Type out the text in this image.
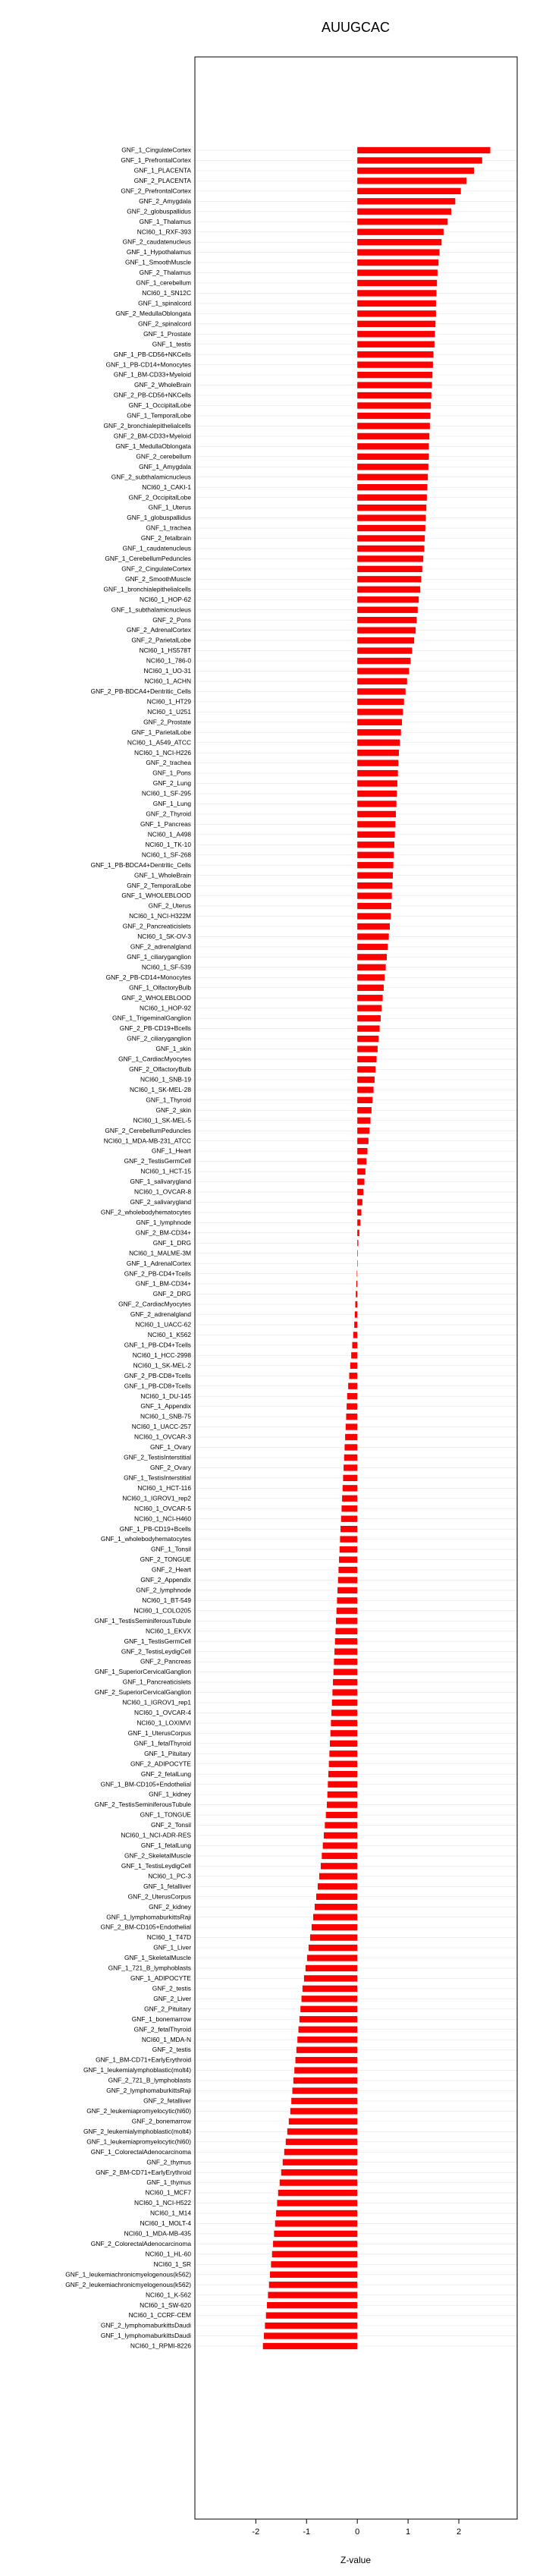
AUUGCAC
GNF_1_CingulateCortex
GNF_1_PrefrontalCortex
GNF_1_PLACENTA
GNF_2_PLACENTA
GNF_2_PrefrontalCortex
GNF_2_Amygdala
GNF_2_globuspallidus
GNF_1_Thalamus
NCI60_1_RXF-393
GNF_2_caudatenucleus
GNF_1_Hypothalamus
GNF_1_SmoothMuscle
GNF_2_Thalamus
GNF_1_cerebellum
NCI60_1_SN12C
GNF_1_spinalcord
GNF_2_MedullaOblongata
GNF_2_spinalcord
GNF_1_Prostate
GNF_1_testis
GNF_1_PB-CD56+NKCells
GNF_1_PB-CD14+Monocytes
GNF_1_BM-CD33+Myeloid
GNF_2_WholeBrain
GNF_2_PB-CD56+NKCells
GNF_1_OccipitalLobe
GNF_1_TemporalLobe
GNF_2_bronchialepithelialcells
GNF_2_BM-CD33+Myeloid
GNF_1_MedullaOblongata
GNF_2_cerebellum
GNF_1_Amygdala
GNF_2_subthalamicnucleus
NCI60_1_CAKI-1
GNF_2_OccipitalLobe
GNF_1_Uterus
GNF_1_globuspallidus
GNF_1_trachea
GNF_2_fetalbrain
GNF_1_caudatenucleus
GNF_1_CerebellumPeduncles
GNF_2_CingulateCortex
GNF_2_SmoothMuscle
GNF_1_bronchialepithelialcells
NCI60_1_HOP-62
GNF_1_subthalamicnucleus
GNF_2_Pons
GNF_2_AdrenalCortex
GNF_2_ParietalLobe
NCI60_1_HS578T
NCI60_1_786-0
NCI60_1_UO-31
NCI60_1_ACHN
GNF_2_PB-BDCA4+Dentritic_Cells
NCI60_1_HT29
NCI60_1_U251
GNF_2_Prostate
GNF_1_ParietalLobe
NCI60_1_A549_ATCC
NCI60_1_NCI-H226
GNF_2_trachea
GNF_1_Pons
GNF_2_Lung
NCI60_1_SF-295
GNF_1_Lung
GNF_2_Thyroid
GNF_1_Pancreas
NCI60_1_A498
NCI60_1_TK-10
NCI60_1_SF-268
GNF_1_PB-BDCA4+Dentritic_Cells
GNF_1_WholeBrain
GNF_2_TemporalLobe
GNF_1_WHOLEBLOOD
GNF_2_Uterus
NCI60_1_NCI-H322M
GNF_2_Pancreaticislets
NCI60_1_SK-OV-3
GNF_2_adrenalgland
GNF_1_ciliaryganglion
NCI60_1_SF-539
GNF_2_PB-CD14+Monocytes
GNF_1_OlfactoryBulb
GNF_2_WHOLEBLOOD
NCI60_1_HOP-92
GNF_1_TrigeminalGanglion
GNF_2_PB-CD19+Bcells
GNF_2_ciliaryganglion
GNF_1_skin
GNF_1_CardiacMyocytes
GNF_2_OlfactoryBulb
NCI60_1_SNB-19
NCI60_1_SK-MEL-28
GNF_1_Thyroid
GNF_2_skin
NCI60_1_SK-MEL-5
GNF_2_CerebellumPeduncles
NCI60_1_MDA-MB-231_ATCC
GNF_1_Heart
GNF_2_TestisGermCell
NCI60_1_HCT-15
GNF_1_salivarygland
NCI60_1_OVCAR-8
GNF_2_salivarygland
GNF_2_wholebodyhematocytes
GNF_1_lymphnode
GNF_2_BM-CD34+
GNF_1_DRG
NCI60_1_MALME-3M
GNF_1_AdrenalCortex
GNF_2_PB-CD4+Tcells
GNF_1_BM-CD34+
GNF_2_DRG
GNF_2_CardiacMyocytes
GNF_2_adrenalgland
NCI60_1_UACC-62
NCI60_1_K562
GNF_1_PB-CD4+Tcells
NCI60_1_HCC-2998
NCI60_1_SK-MEL-2
GNF_2_PB-CD8+Tcells
GNF_1_PB-CD8+Tcells
NCI60_1_DU-145
GNF_1_Appendix
NCI60_1_SNB-75
NCI60_1_UACC-257
NCI60_1_OVCAR-3
GNF_1_Ovary
GNF_2_TestisInterstitial
GNF_2_Ovary
GNF_1_TestisInterstitial
NCI60_1_HCT-116
NCI60_1_IGROV1_rep2
NCI60_1_OVCAR-5
NCI60_1_NCI-H460
GNF_1_PB-CD19+Bcells
GNF_1_wholebodyhematocytes
GNF_1_Tonsil
GNF_2_TONGUE
GNF_2_Heart
GNF_2_Appendix
GNF_2_lymphnode
NCI60_1_BT-549
NCI60_1_COLO205
GNF_1_TestisSeminiferousTubule
NCI60_1_EKVX
GNF_1_TestisGermCell
GNF_2_TestisLeydigCell
GNF_2_Pancreas
GNF_1_SuperiorCervicalGanglion
GNF_1_Pancreaticislets
GNF_2_SuperiorCervicalGanglion
NCI60_1_IGROV1_rep1
NCI60_1_OVCAR-4
NCI60_1_LOXIMVI
GNF_1_UterusCorpus
GNF_1_fetalThyroid
GNF_1_Pituitary
GNF_2_ADIPOCYTE
GNF_2_fetalLung
GNF_1_BM-CD105+Endothelial
GNF_1_kidney
GNF_2_TestisSeminiferousTubule
GNF_1_TONGUE
GNF_2_Tonsil
NCI60_1_NCI-ADR-RES
GNF_1_fetalLung
GNF_2_SkeletalMuscle
GNF_1_TestisLeydigCell
NCI60_1_PC-3
GNF_1_fetalliver
GNF_2_UterusCorpus
GNF_2_kidney
GNF_1_lymphomaburkittsRaji
GNF_2_BM-CD105+Endothelial
NCI60_1_T47D
GNF_1_Liver
GNF_1_SkeletalMuscle
GNF_1_721_B_lymphoblasts
GNF_1_ADIPOCYTE
GNF_2_testis
GNF_2_Liver
GNF_2_Pituitary
GNF_1_bonemarrow
GNF_2_fetalThyroid
NCI60_1_MDA-N
GNF_2_testis
GNF_1_BM-CD71+EarlyErythroid
GNF_1_leukemialymphoblastic(molt4)
GNF_2_721_B_lymphoblasts
GNF_2_lymphomaburkittsRaji
GNF_2_fetalliver
GNF_2_leukemiapromyelocytic(hl60)
GNF_2_bonemarrow
GNF_2_leukemialymphoblastic(molt4)
GNF_1_leukemiapromyelocytic(hl60)
GNF_1_ColorectalAdenocarcinoma
GNF_2_thymus
GNF_2_BM-CD71+EarlyErythroid
GNF_1_thymus
NCI60_1_MCF7
NCI60_1_NCI-H522
NCI60_1_M14
NCI60_1_MOLT-4
NCI60_1_MDA-MB-435
GNF_2_ColorectalAdenocarcinoma
NCI60_1_HL-60
NCI60_1_SR
GNF_1_leukemiachronicmyelogenous(k562)
GNF_2_leukemiachronicmyelogenous(k562)
NCI60_1_K-562
NCI60_1_SW-620
NCI60_1_CCRF-CEM
GNF_2_lymphomaburkittsDaudi
GNF_1_lymphomaburkittsDaudi
NCI60_1_RPMI-8226
-2	-1	0	1	2
Z-value
